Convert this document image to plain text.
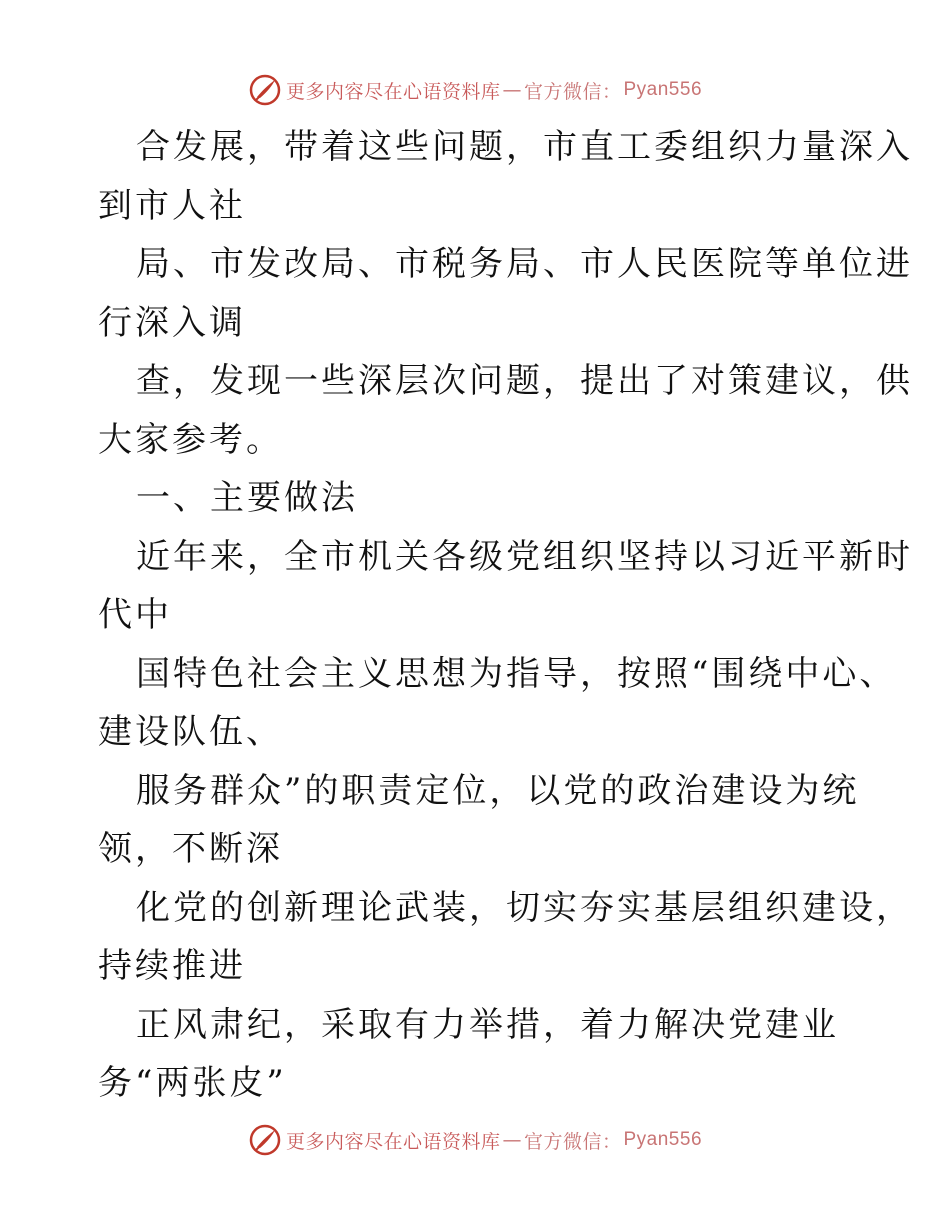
更多内容尽在心语资料库 — 官方微信： Pyan556
合发展，带着这些问题，市直工委组织力量深入
到市人社
局、市发改局、市税务局、市人民医院等单位进
行深入调
查，发现一些深层次问题，提出了对策建议，供
大家参考。
一、主要做法
近年来，全市机关各级党组织坚持以习近平新时
代中
国特色社会主义思想为指导，按照“围绕中心、
建设队伍、
服务群众”的职责定位，以党的政治建设为统
领，不断深
化党的创新理论武装，切实夯实基层组织建设，
持续推进
正风肃纪，采取有力举措，着力解决党建业
务“两张皮”
更多内容尽在心语资料库 — 官方微信： Pyan556
